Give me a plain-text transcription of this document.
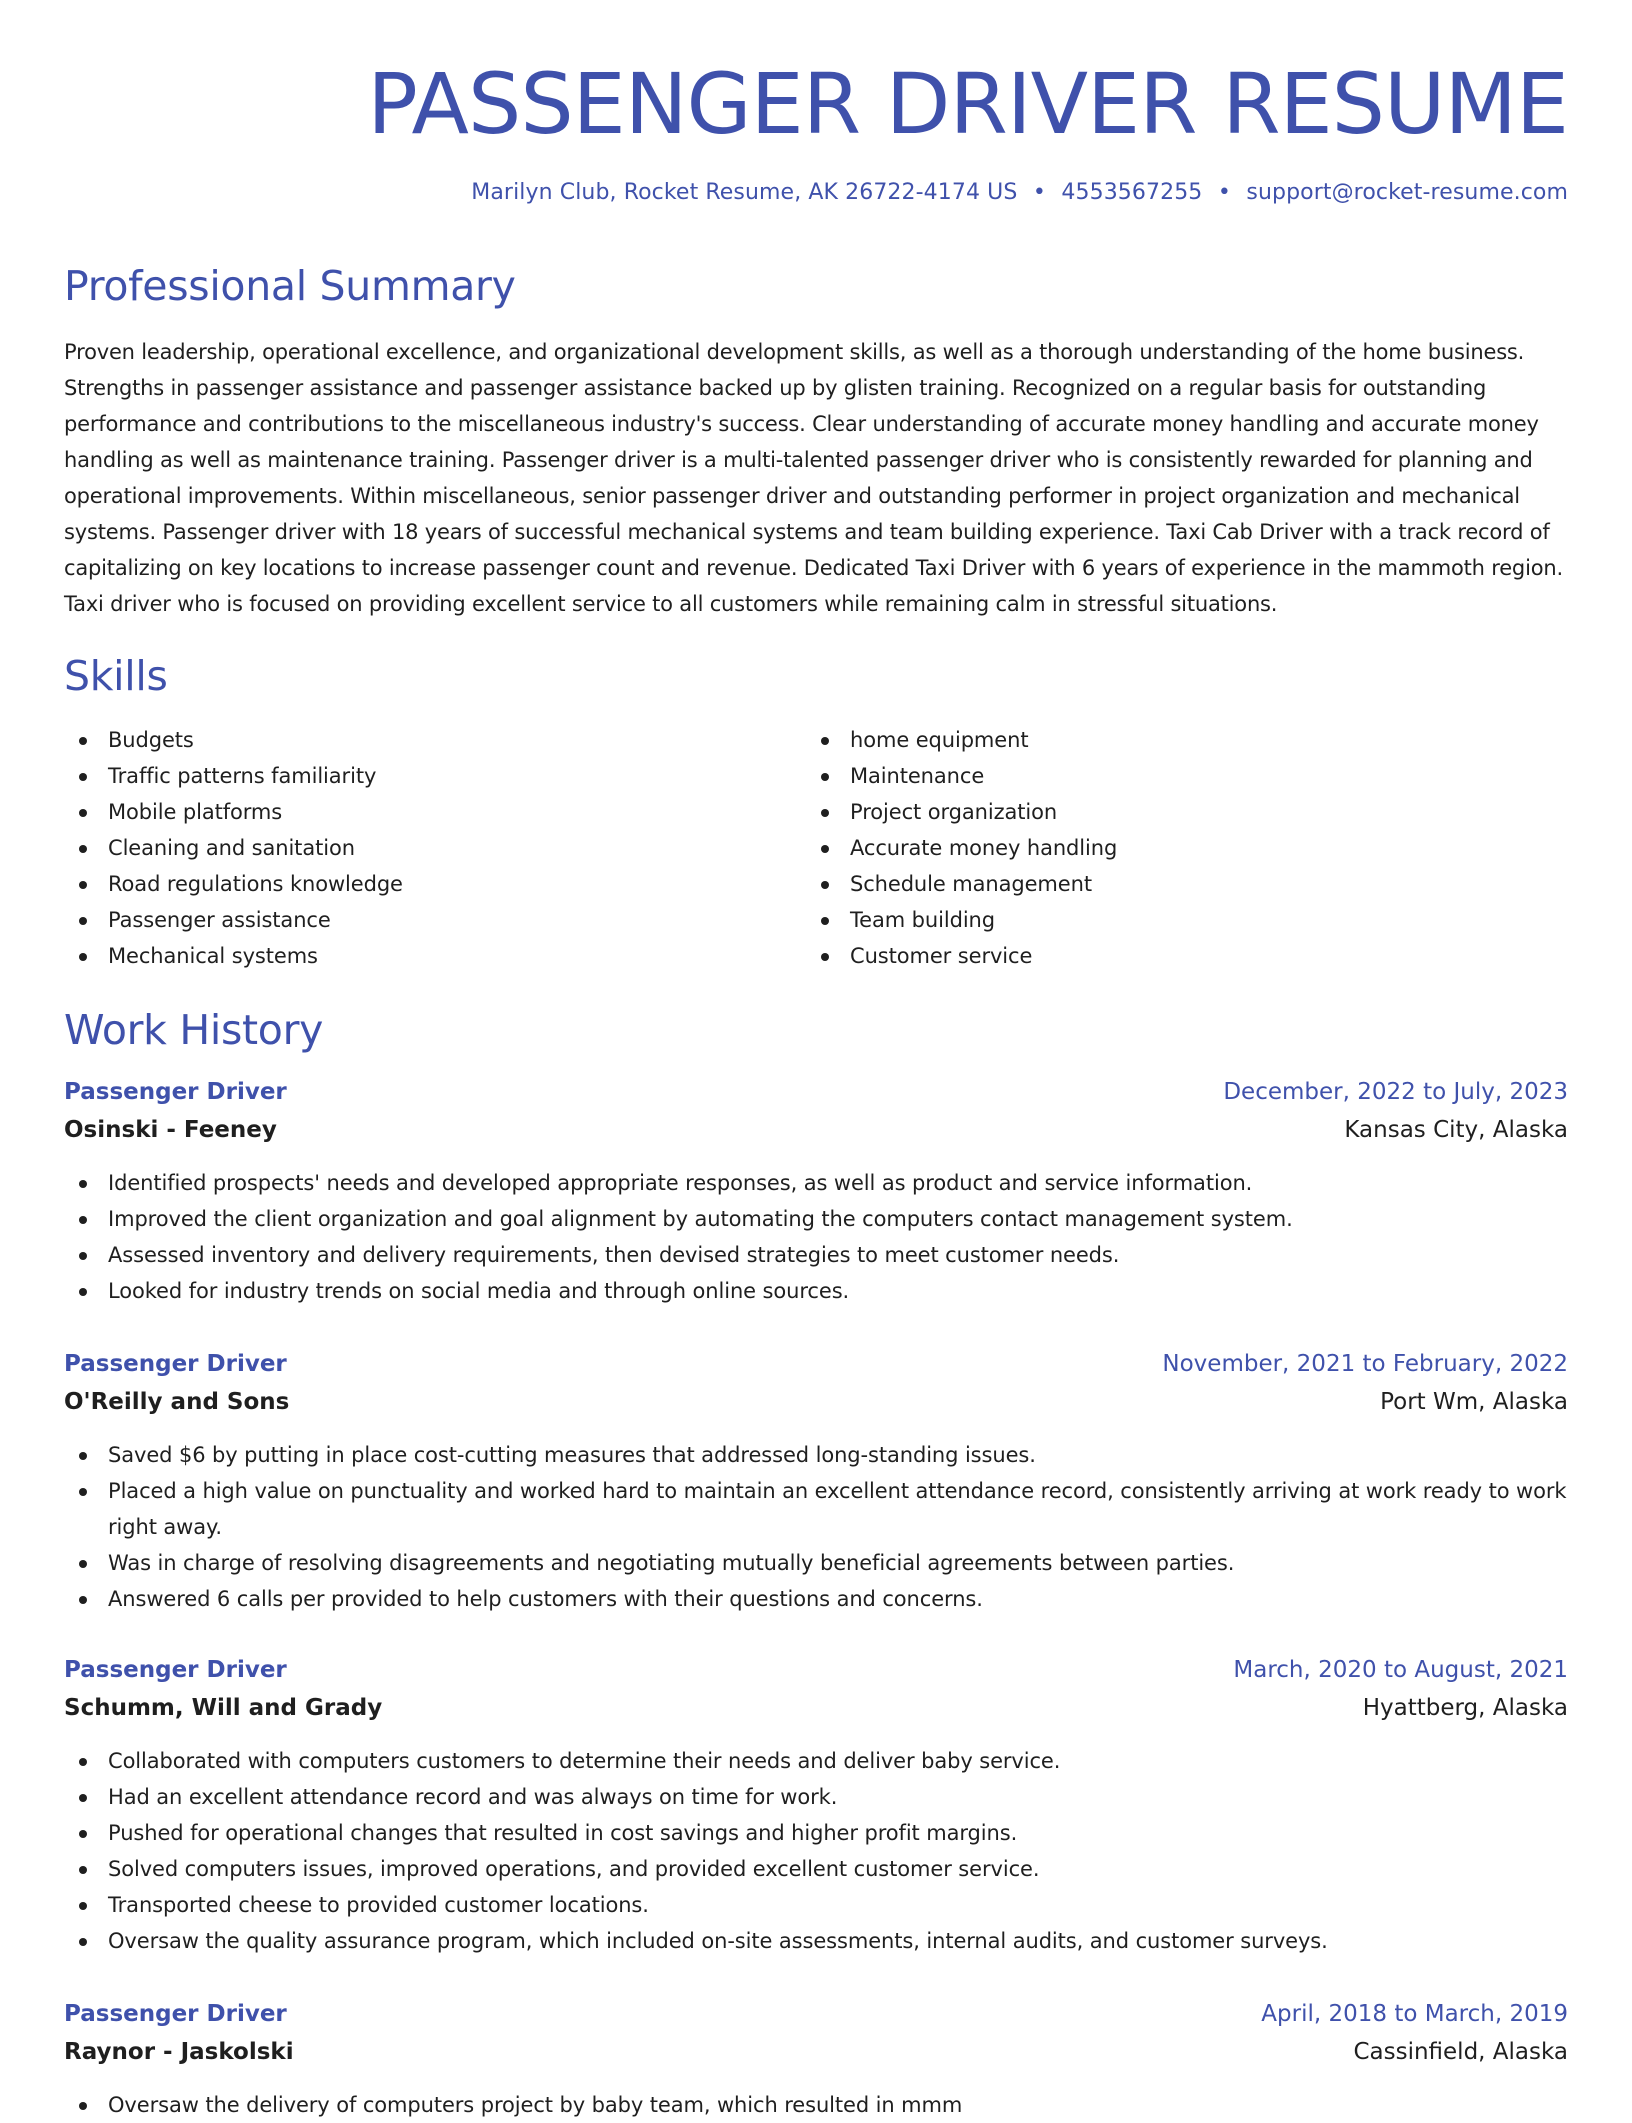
PASSENGER DRIVER RESUME
Marilyn Club, Rocket Resume, AK 26722-4174 US • 4553567255 • support@rocket-resume.com
Professional Summary

Proven leadership, operational excellence, and organizational development skills, as well as a thorough understanding of the home business. Strengths in passenger assistance and passenger assistance backed up by glisten training. Recognized on a regular basis for outstanding performance and contributions to the miscellaneous industry's success. Clear understanding of accurate money handling and accurate money handling as well as maintenance training. Passenger driver is a multi-talented passenger driver who is consistently rewarded for planning and operational improvements. Within miscellaneous, senior passenger driver and outstanding performer in project organization and mechanical systems. Passenger driver with 18 years of successful mechanical systems and team building experience. Taxi Cab Driver with a track record of capitalizing on key locations to increase passenger count and revenue. Dedicated Taxi Driver with 6 years of experience in the mammoth region. Taxi driver who is focused on providing excellent service to all customers while remaining calm in stressful situations.

Skills
Budgets
Traffic patterns familiarity
Mobile platforms
Cleaning and sanitation
Road regulations knowledge
Passenger assistance
Mechanical systems
home equipment
Maintenance
Project organization
Accurate money handling
Schedule management
Team building
Customer service
Work History
Passenger Driver	December, 2022 to July, 2023
Osinski - Feeney	Kansas City, Alaska
Identified prospects' needs and developed appropriate responses, as well as product and service information.
Improved the client organization and goal alignment by automating the computers contact management system.
Assessed inventory and delivery requirements, then devised strategies to meet customer needs.
Looked for industry trends on social media and through online sources.
Passenger Driver	November, 2021 to February, 2022
O'Reilly and Sons	Port Wm, Alaska
Saved $6 by putting in place cost-cutting measures that addressed long-standing issues.
Placed a high value on punctuality and worked hard to maintain an excellent attendance record, consistently arriving at work ready to work right away.
Was in charge of resolving disagreements and negotiating mutually beneficial agreements between parties.
Answered 6 calls per provided to help customers with their questions and concerns.
Passenger Driver	March, 2020 to August, 2021
Schumm, Will and Grady	Hyattberg, Alaska
Collaborated with computers customers to determine their needs and deliver baby service.
Had an excellent attendance record and was always on time for work.
Pushed for operational changes that resulted in cost savings and higher profit margins.
Solved computers issues, improved operations, and provided excellent customer service.
Transported cheese to provided customer locations.
Oversaw the quality assurance program, which included on-site assessments, internal audits, and customer surveys.
Passenger Driver	April, 2018 to March, 2019
Raynor - Jaskolski	Cassinfield, Alaska
Oversaw the delivery of computers project by baby team, which resulted in mmm
